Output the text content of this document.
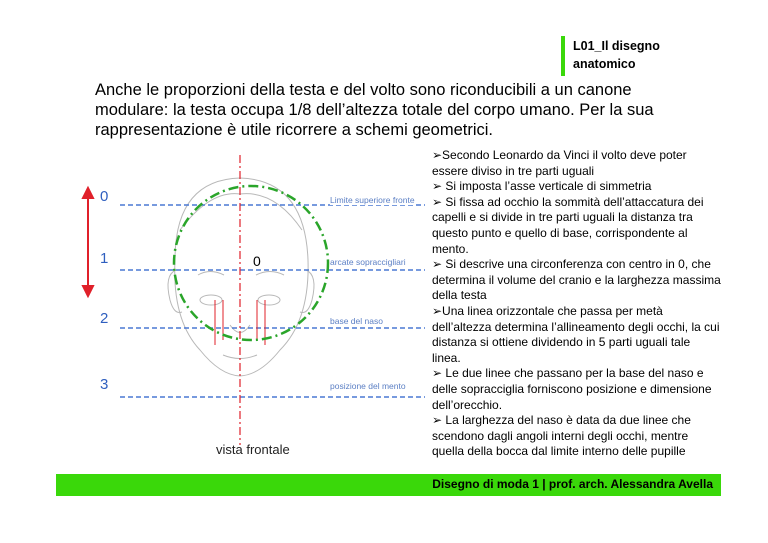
L01_Il disegno
anatomico
Anche le proporzioni della testa e del volto sono riconducibili a un canone modulare: la testa occupa 1/8 dell’altezza totale del corpo umano. Per la sua rappresentazione è utile ricorrere a schemi geometrici.
0
1
2
3
0
Limite superiore fronte
arcate sopraccigliari
base del naso
posizione del mento
vista frontale

➢Secondo Leonardo da Vinci il volto deve poter essere diviso in tre parti uguali

➢ Si imposta l’asse verticale di simmetria

➢ Si fissa ad occhio la sommità dell’attaccatura dei capelli e si divide in tre parti uguali la distanza tra questo punto e quello di base, corrispondente al mento.

➢ Si descrive una circonferenza con centro in 0, che determina il volume del cranio e la larghezza massima della testa

➢Una linea orizzontale che passa per metà dell’altezza determina l’allineamento degli occhi, la cui distanza si ottiene dividendo in 5 parti uguali tale linea.

➢ Le due linee che passano per la base del naso e delle sopracciglia forniscono posizione e dimensione dell’orecchio.

➢ La larghezza del naso è data da due linee che scendono dagli angoli interni degli occhi, mentre quella della bocca dal limite interno delle pupille

Disegno di moda 1 | prof. arch. Alessandra Avella
